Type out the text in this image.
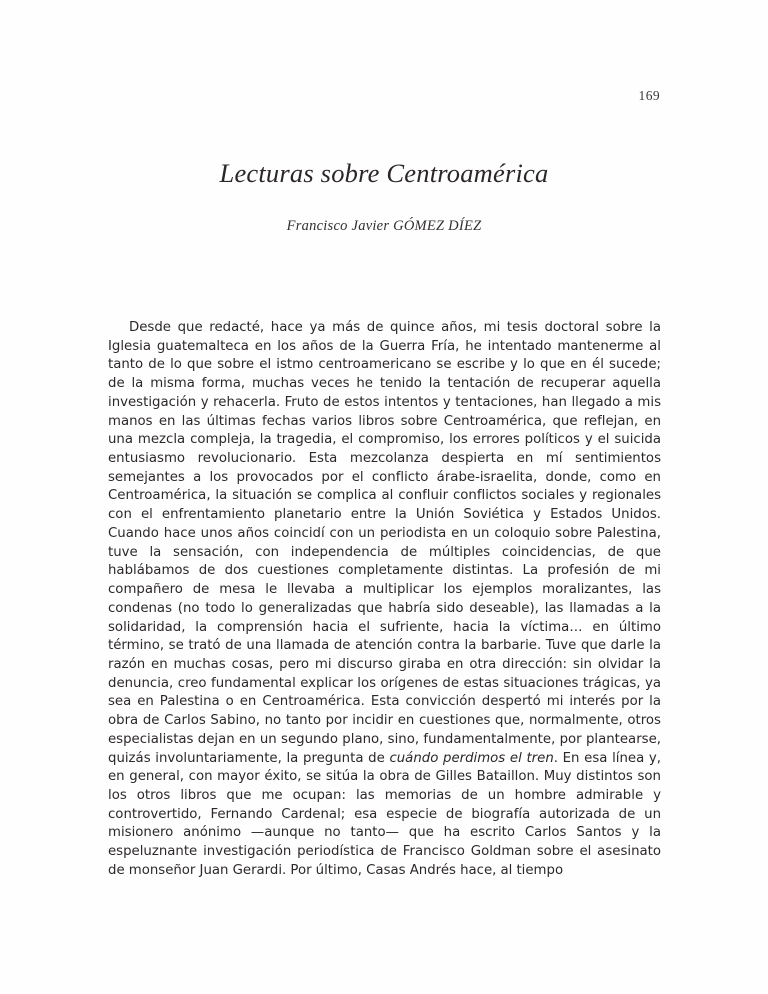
169
Lecturas sobre Centroamérica
Francisco Javier GÓMEZ DÍEZ

Desde que redacté, hace ya más de quince años, mi tesis doctoral sobre la Iglesia guatemalteca en los años de la Guerra Fría, he intentado mantenerme al tanto de lo que sobre el istmo centroamericano se escribe y lo que en él sucede; de la misma forma, muchas veces he tenido la tentación de recuperar aquella investigación y rehacerla. Fruto de estos intentos y tentaciones, han llegado a mis manos en las últimas fechas varios libros sobre Centroamérica, que reflejan, en una mezcla compleja, la tragedia, el compromiso, los errores políticos y el suicida entusiasmo revolucionario. Esta mezcolanza despierta en mí sentimientos semejantes a los provocados por el conflicto árabe-israelita, donde, como en Centroamérica, la situación se complica al confluir conflictos sociales y regionales con el enfrentamiento planetario entre la Unión Soviética y Estados Unidos. Cuando hace unos años coincidí con un periodista en un coloquio sobre Palestina, tuve la sensación, con independencia de múltiples coincidencias, de que hablábamos de dos cuestiones completamente distintas. La profesión de mi compañero de mesa le llevaba a multiplicar los ejemplos moralizantes, las condenas (no todo lo generalizadas que habría sido deseable), las llamadas a la solidaridad, la comprensión hacia el sufriente, hacia la víctima… en último término, se trató de una llamada de atención contra la barbarie. Tuve que darle la razón en muchas cosas, pero mi discurso giraba en otra dirección: sin olvidar la denuncia, creo fundamental explicar los orígenes de estas situaciones trágicas, ya sea en Palestina o en Centroamérica. Esta convicción despertó mi interés por la obra de Carlos Sabino, no tanto por incidir en cuestiones que, normalmente, otros especialistas dejan en un segundo plano, sino, fundamentalmente, por plantearse, quizás involuntariamente, la pregunta de cuándo perdimos el tren. En esa línea y, en general, con mayor éxito, se sitúa la obra de Gilles Bataillon. Muy distintos son los otros libros que me ocupan: las memorias de un hombre admirable y controvertido, Fernando Cardenal; esa especie de biografía autorizada de un misionero anónimo —aunque no tanto— que ha escrito Carlos Santos y la espeluznante investigación periodística de Francisco Goldman sobre el asesinato de monseñor Juan Gerardi. Por último, Casas Andrés hace, al tiempo
